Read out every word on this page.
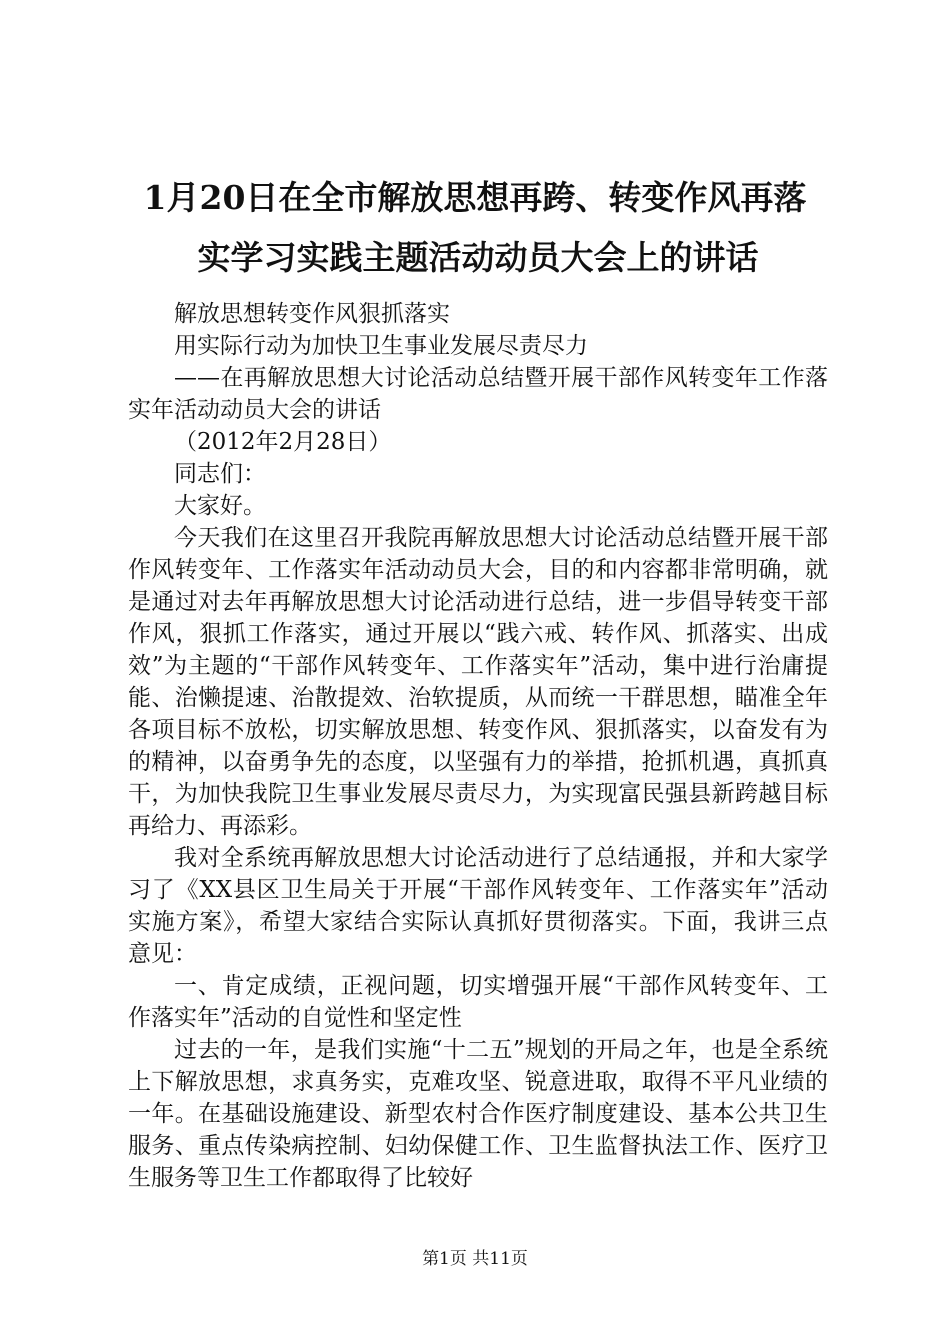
1月20日在全市解放思想再跨、转变作风再落
实学习实践主题活动动员大会上的讲话

解放思想转变作风狠抓落实

用实际行动为加快卫生事业发展尽责尽力

——在再解放思想大讨论活动总结暨开展干部作风转变年工作落实年活动动员大会的讲话

（2012年2月28日）

同志们：

大家好。

今天我们在这里召开我院再解放思想大讨论活动总结暨开展干部作风转变年、工作落实年活动动员大会，目的和内容都非常明确，就是通过对去年再解放思想大讨论活动进行总结，进一步倡导转变干部作风，狠抓工作落实，通过开展以“践六戒、转作风、抓落实、出成效”为主题的“干部作风转变年、工作落实年”活动，集中进行治庸提能、治懒提速、治散提效、治软提质，从而统一干群思想，瞄准全年各项目标不放松，切实解放思想、转变作风、狠抓落实，以奋发有为的精神，以奋勇争先的态度，以坚强有力的举措，抢抓机遇，真抓真干，为加快我院卫生事业发展尽责尽力，为实现富民强县新跨越目标再给力、再添彩。

我对全系统再解放思想大讨论活动进行了总结通报，并和大家学习了《XX县区卫生局关于开展“干部作风转变年、工作落实年”活动实施方案》，希望大家结合实际认真抓好贯彻落实。下面，我讲三点意见：

一、肯定成绩，正视问题，切实增强开展“干部作风转变年、工作落实年”活动的自觉性和坚定性

过去的一年，是我们实施“十二五”规划的开局之年，也是全系统上下解放思想，求真务实，克难攻坚、锐意进取，取得不平凡业绩的一年。在基础设施建设、新型农村合作医疗制度建设、基本公共卫生服务、重点传染病控制、妇幼保健工作、卫生监督执法工作、医疗卫生服务等卫生工作都取得了比较好

第1页 共11页
